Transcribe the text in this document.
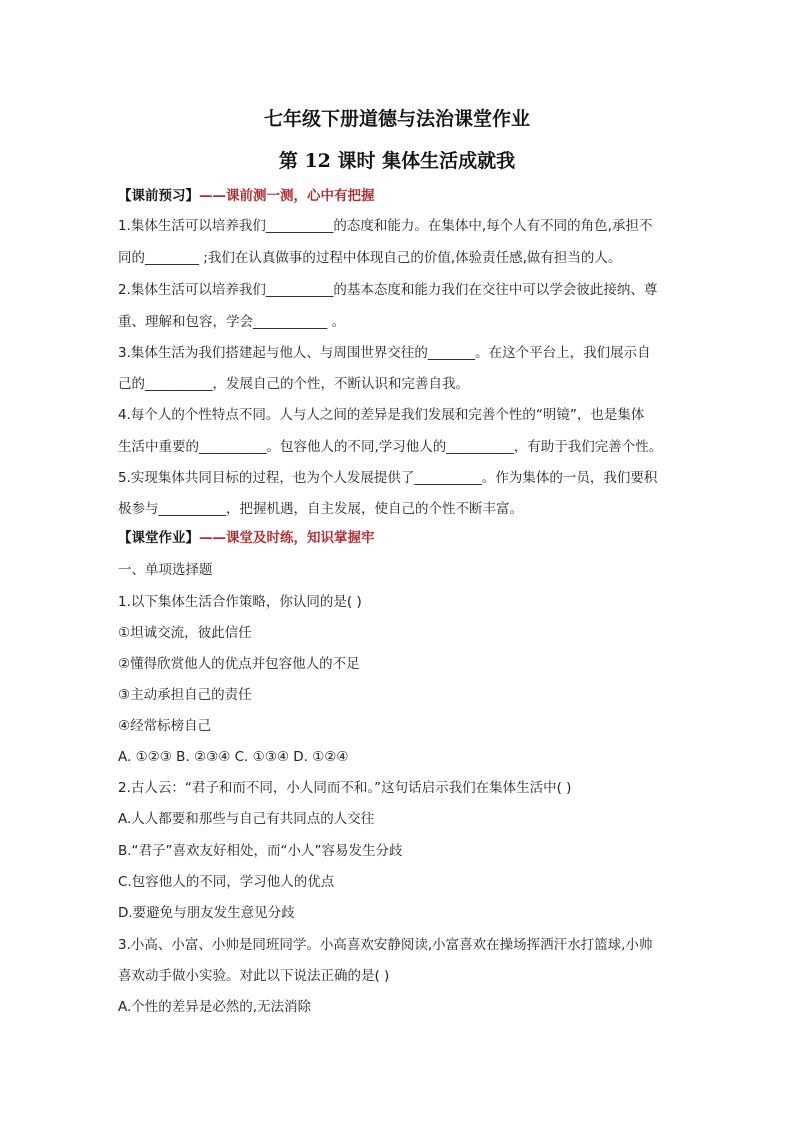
七年级下册道德与法治课堂作业
第 12 课时 集体生活成就我
【课前预习】——课前测一测，心中有把握
1.集体生活可以培养我们__________的态度和能力。在集体中,每个人有不同的角色,承担不
同的________ ;我们在认真做事的过程中体现自己的价值,体验责任感,做有担当的人。
2.集体生活可以培养我们__________的基本态度和能力我们在交往中可以学会彼此接纳、尊
重、理解和包容，学会___________ 。
3.集体生活为我们搭建起与他人、与周围世界交往的_______。在这个平台上，我们展示自
己的__________，发展自己的个性，不断认识和完善自我。
4.每个人的个性特点不同。人与人之间的差异是我们发展和完善个性的“明镜”，也是集体
生活中重要的__________。包容他人的不同,学习他人的__________，有助于我们完善个性。
5.实现集体共同目标的过程，也为个人发展提供了__________。作为集体的一员，我们要积
极参与__________，把握机遇，自主发展，使自己的个性不断丰富。
【课堂作业】——课堂及时练，知识掌握牢
一、单项选择题
1.以下集体生活合作策略，你认同的是( )
①坦诚交流，彼此信任
②懂得欣赏他人的优点并包容他人的不足
③主动承担自己的责任
④经常标榜自己
A. ①②③ B. ②③④ C. ①③④ D. ①②④
2.古人云：“君子和而不同，小人同而不和。”这句话启示我们在集体生活中( )
A.人人都要和那些与自己有共同点的人交往
B.“君子”喜欢友好相处，而“小人”容易发生分歧
C.包容他人的不同，学习他人的优点
D.要避免与朋友发生意见分歧
3.小高、小富、小帅是同班同学。小高喜欢安静阅读,小富喜欢在操场挥洒汗水打篮球,小帅
喜欢动手做小实验。对此以下说法正确的是( )
A.个性的差异是必然的,无法消除
